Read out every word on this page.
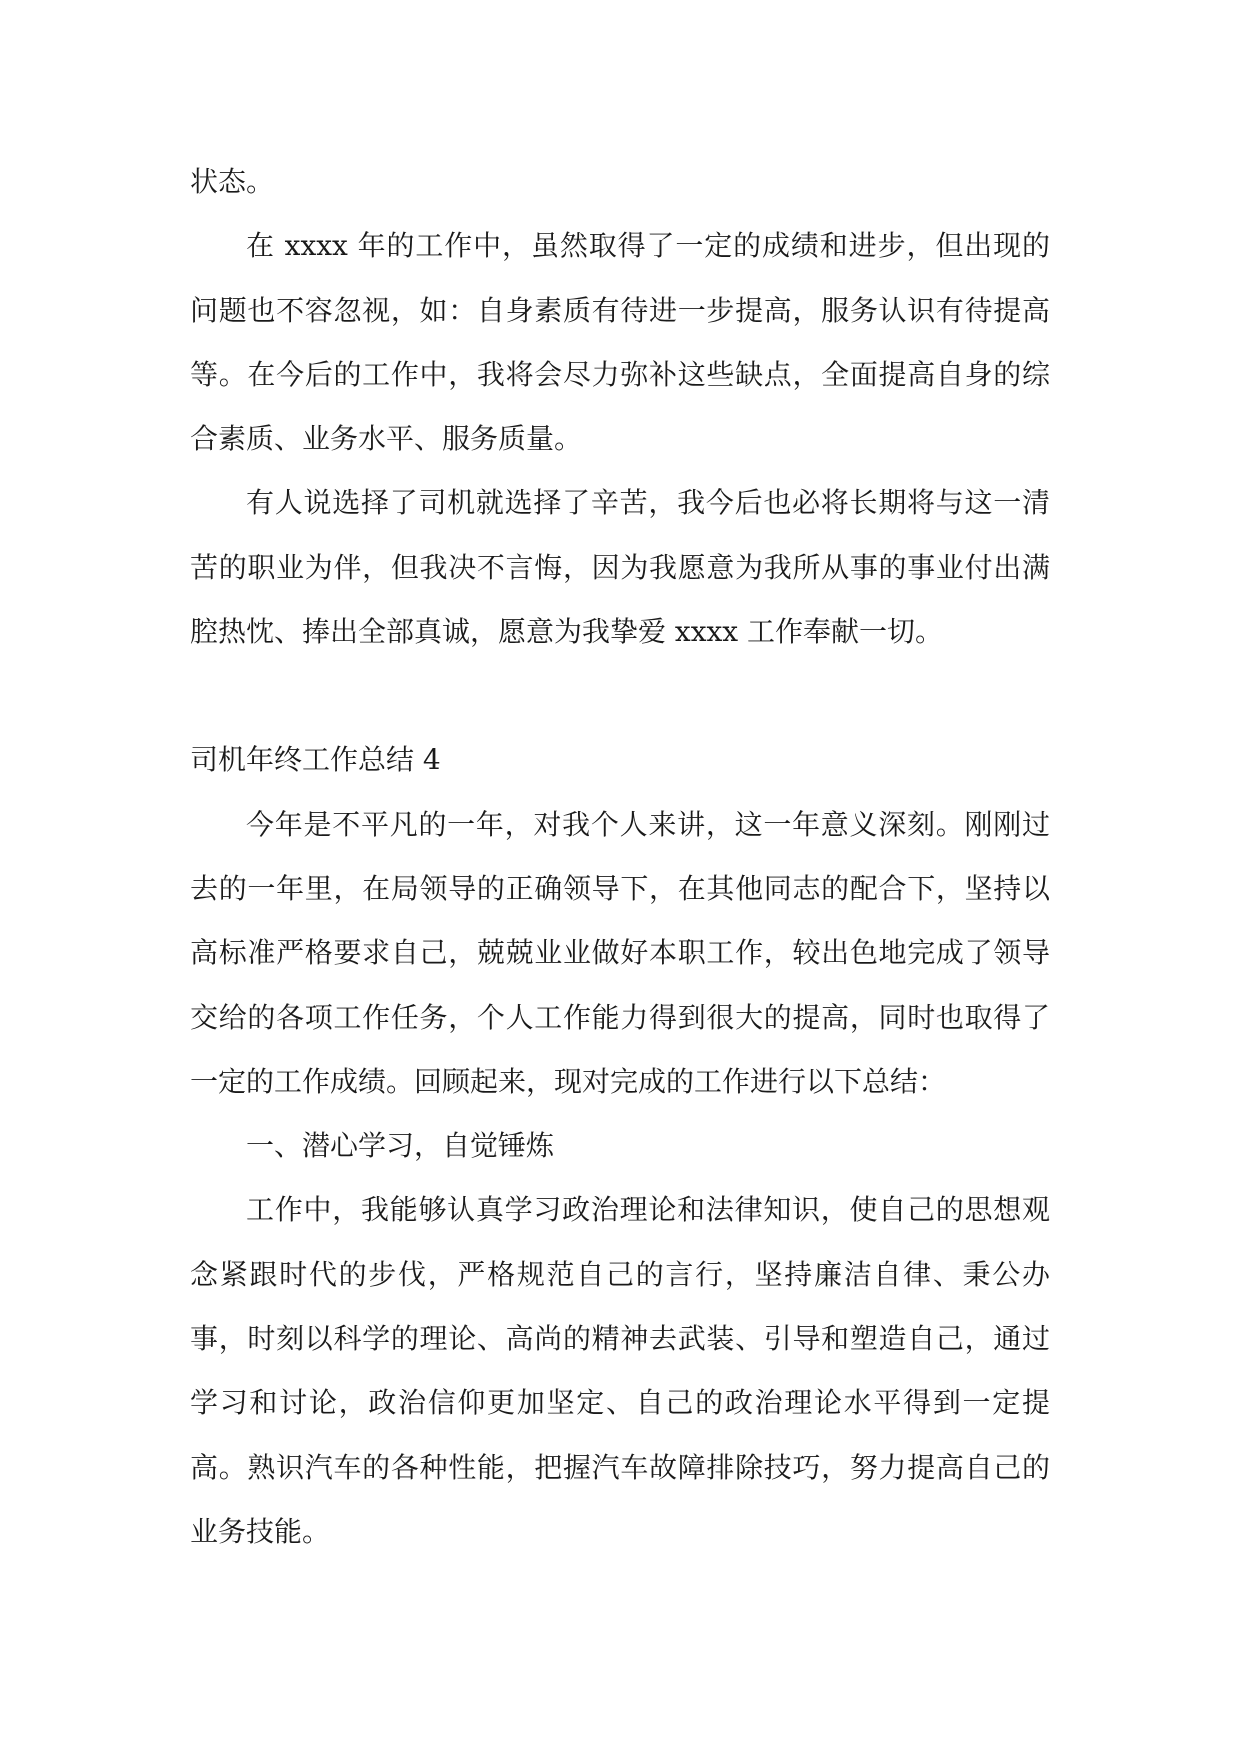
状态。

在 xxxx 年的工作中，虽然取得了一定的成绩和进步，但出现的问题也不容忽视，如：自身素质有待进一步提高，服务认识有待提高等。在今后的工作中，我将会尽力弥补这些缺点，全面提高自身的综合素质、业务水平、服务质量。

有人说选择了司机就选择了辛苦，我今后也必将长期将与这一清苦的职业为伴，但我决不言悔，因为我愿意为我所从事的事业付出满腔热忱、捧出全部真诚，愿意为我挚爱 xxxx 工作奉献一切。

司机年终工作总结 4

今年是不平凡的一年，对我个人来讲，这一年意义深刻。刚刚过去的一年里，在局领导的正确领导下，在其他同志的配合下，坚持以高标准严格要求自己，兢兢业业做好本职工作，较出色地完成了领导交给的各项工作任务，个人工作能力得到很大的提高，同时也取得了一定的工作成绩。回顾起来，现对完成的工作进行以下总结：

一、潜心学习，自觉锤炼

工作中，我能够认真学习政治理论和法律知识，使自己的思想观念紧跟时代的步伐，严格规范自己的言行，坚持廉洁自律、秉公办事，时刻以科学的理论、高尚的精神去武装、引导和塑造自己，通过学习和讨论，政治信仰更加坚定、自己的政治理论水平得到一定提高。熟识汽车的各种性能，把握汽车故障排除技巧，努力提高自己的业务技能。
